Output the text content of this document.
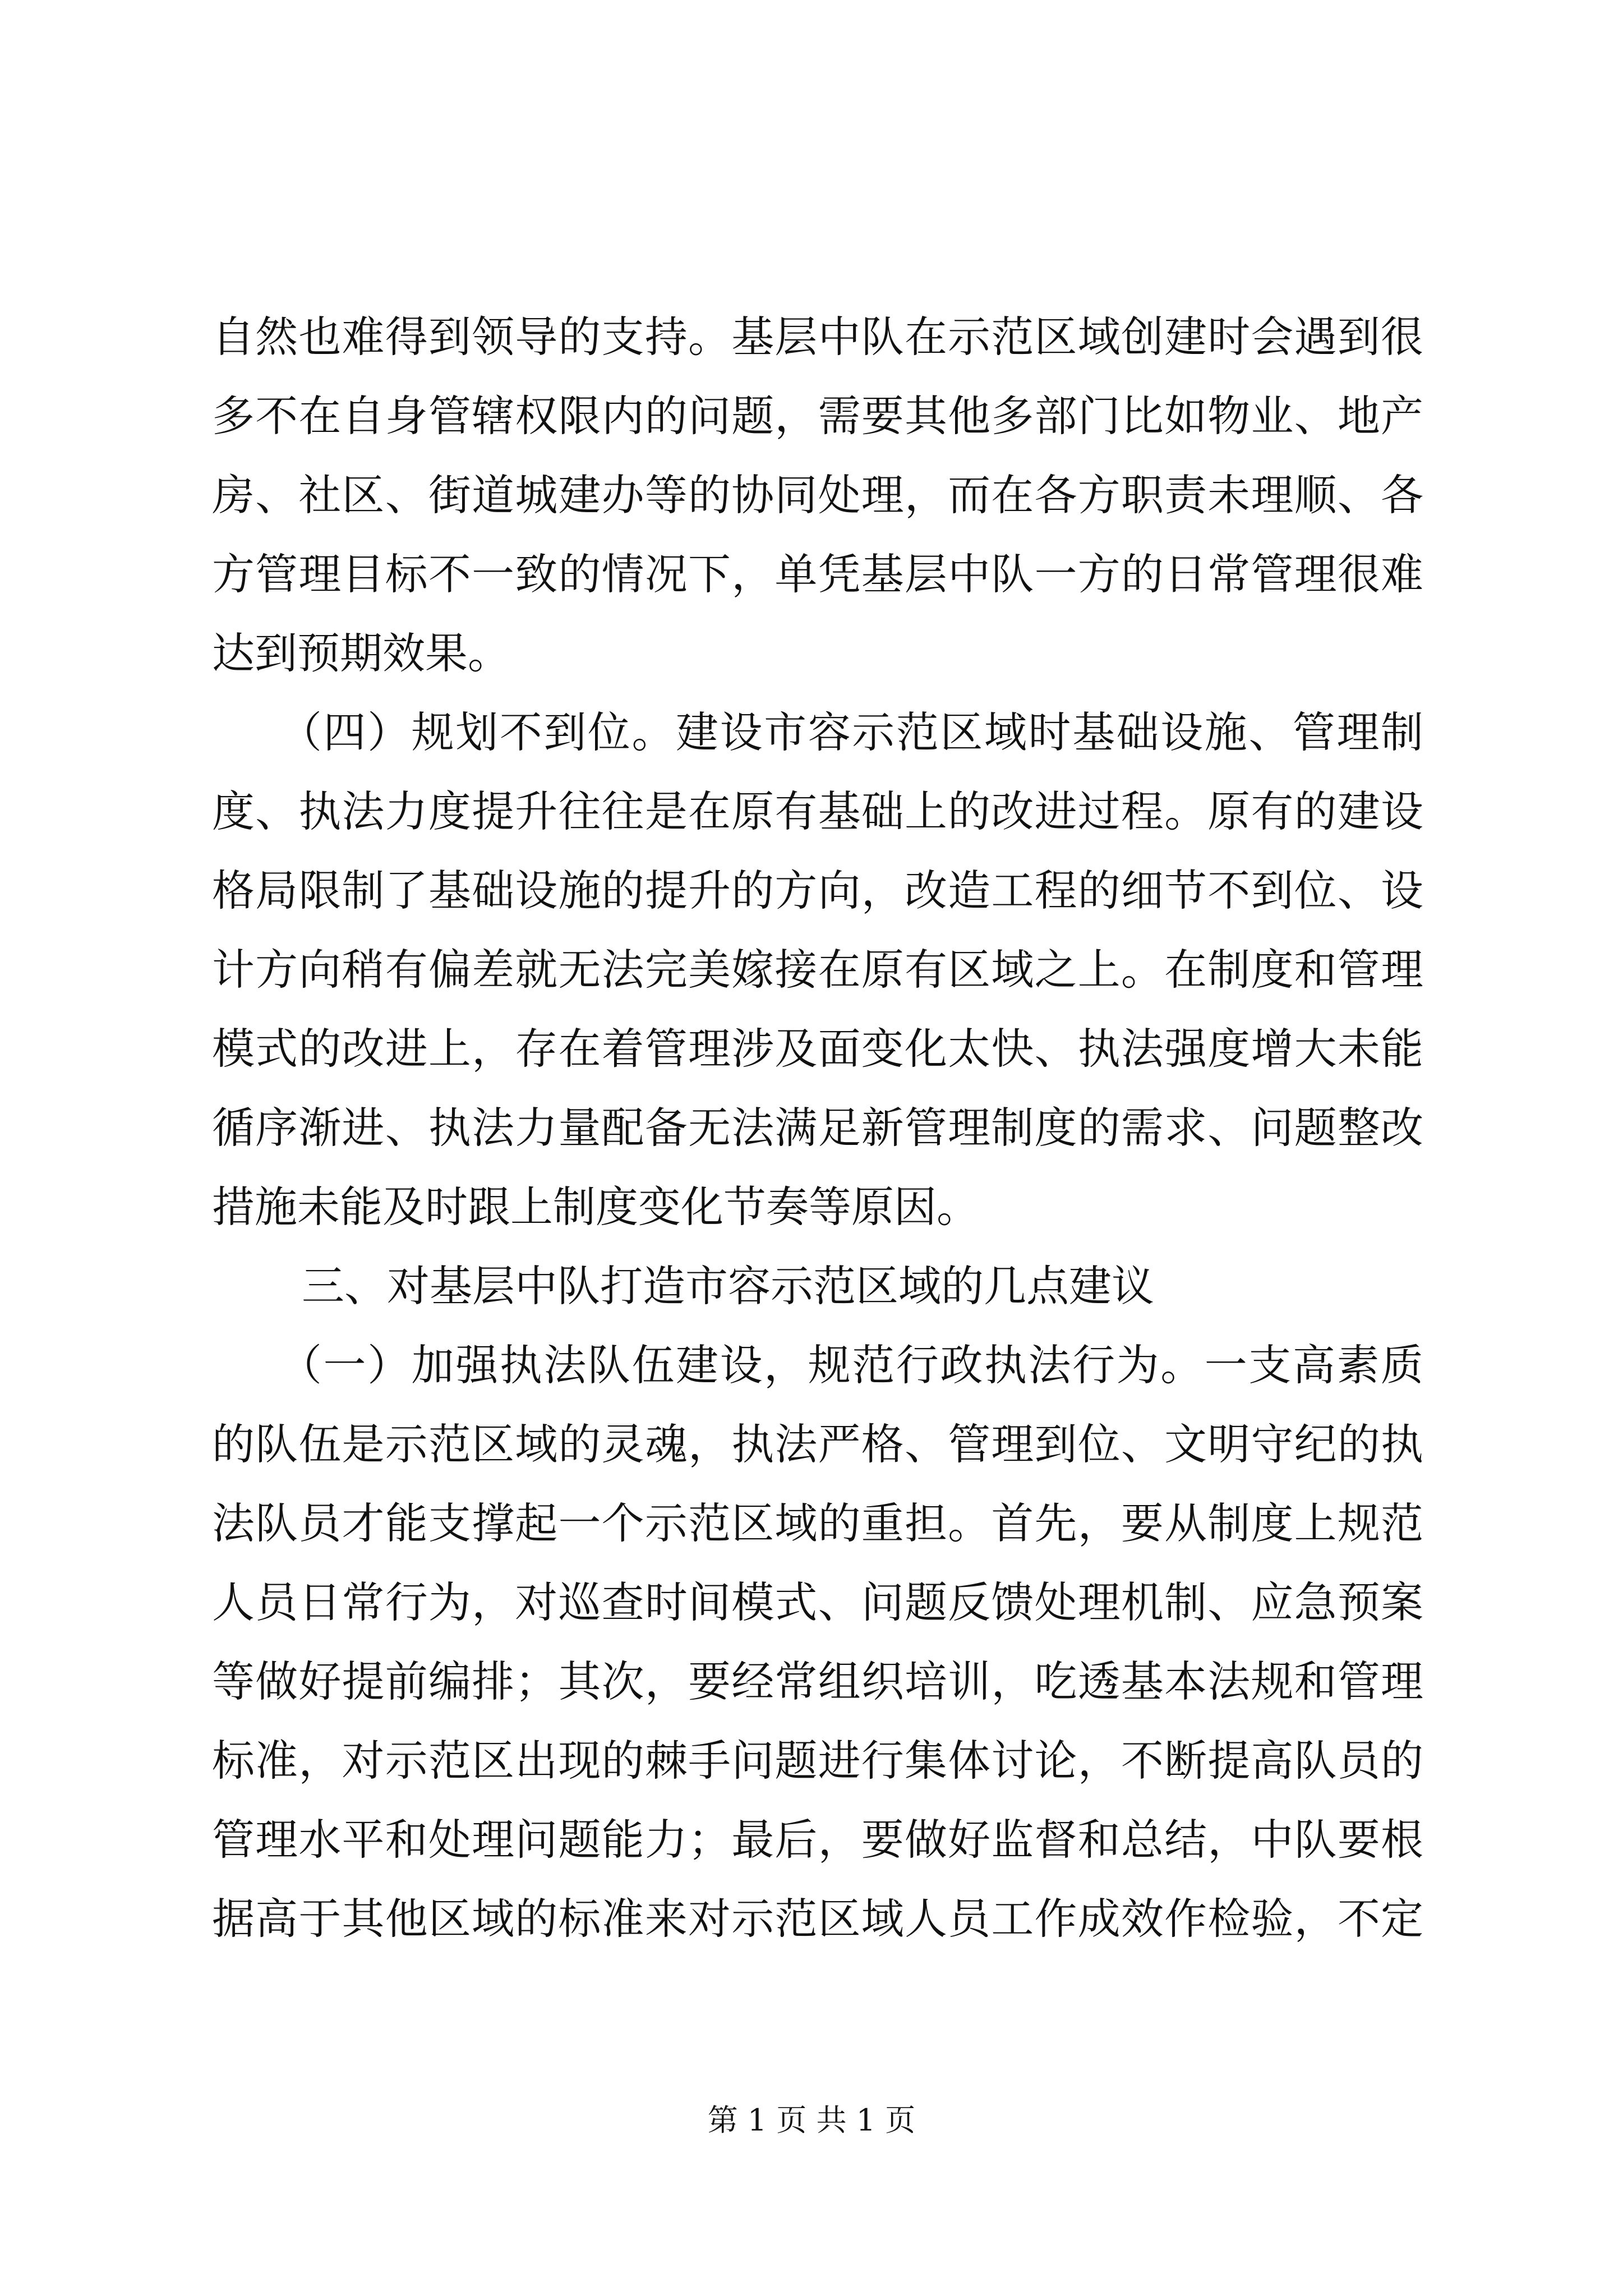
自然也难得到领导的支持。基层中队在示范区域创建时会遇到很
多不在自身管辖权限内的问题，需要其他多部门比如物业、地产
房、社区、街道城建办等的协同处理，而在各方职责未理顺、各
方管理目标不一致的情况下，单凭基层中队一方的日常管理很难
达到预期效果。
（四）规划不到位。建设市容示范区域时基础设施、管理制
度、执法力度提升往往是在原有基础上的改进过程。原有的建设
格局限制了基础设施的提升的方向，改造工程的细节不到位、设
计方向稍有偏差就无法完美嫁接在原有区域之上。在制度和管理
模式的改进上，存在着管理涉及面变化太快、执法强度增大未能
循序渐进、执法力量配备无法满足新管理制度的需求、问题整改
措施未能及时跟上制度变化节奏等原因。
三、对基层中队打造市容示范区域的几点建议
（一）加强执法队伍建设，规范行政执法行为。一支高素质
的队伍是示范区域的灵魂，执法严格、管理到位、文明守纪的执
法队员才能支撑起一个示范区域的重担。首先，要从制度上规范
人员日常行为，对巡查时间模式、问题反馈处理机制、应急预案
等做好提前编排；其次，要经常组织培训，吃透基本法规和管理
标准，对示范区出现的棘手问题进行集体讨论，不断提高队员的
管理水平和处理问题能力；最后，要做好监督和总结，中队要根
据高于其他区域的标准来对示范区域人员工作成效作检验，不定
第 1 页 共 1 页
